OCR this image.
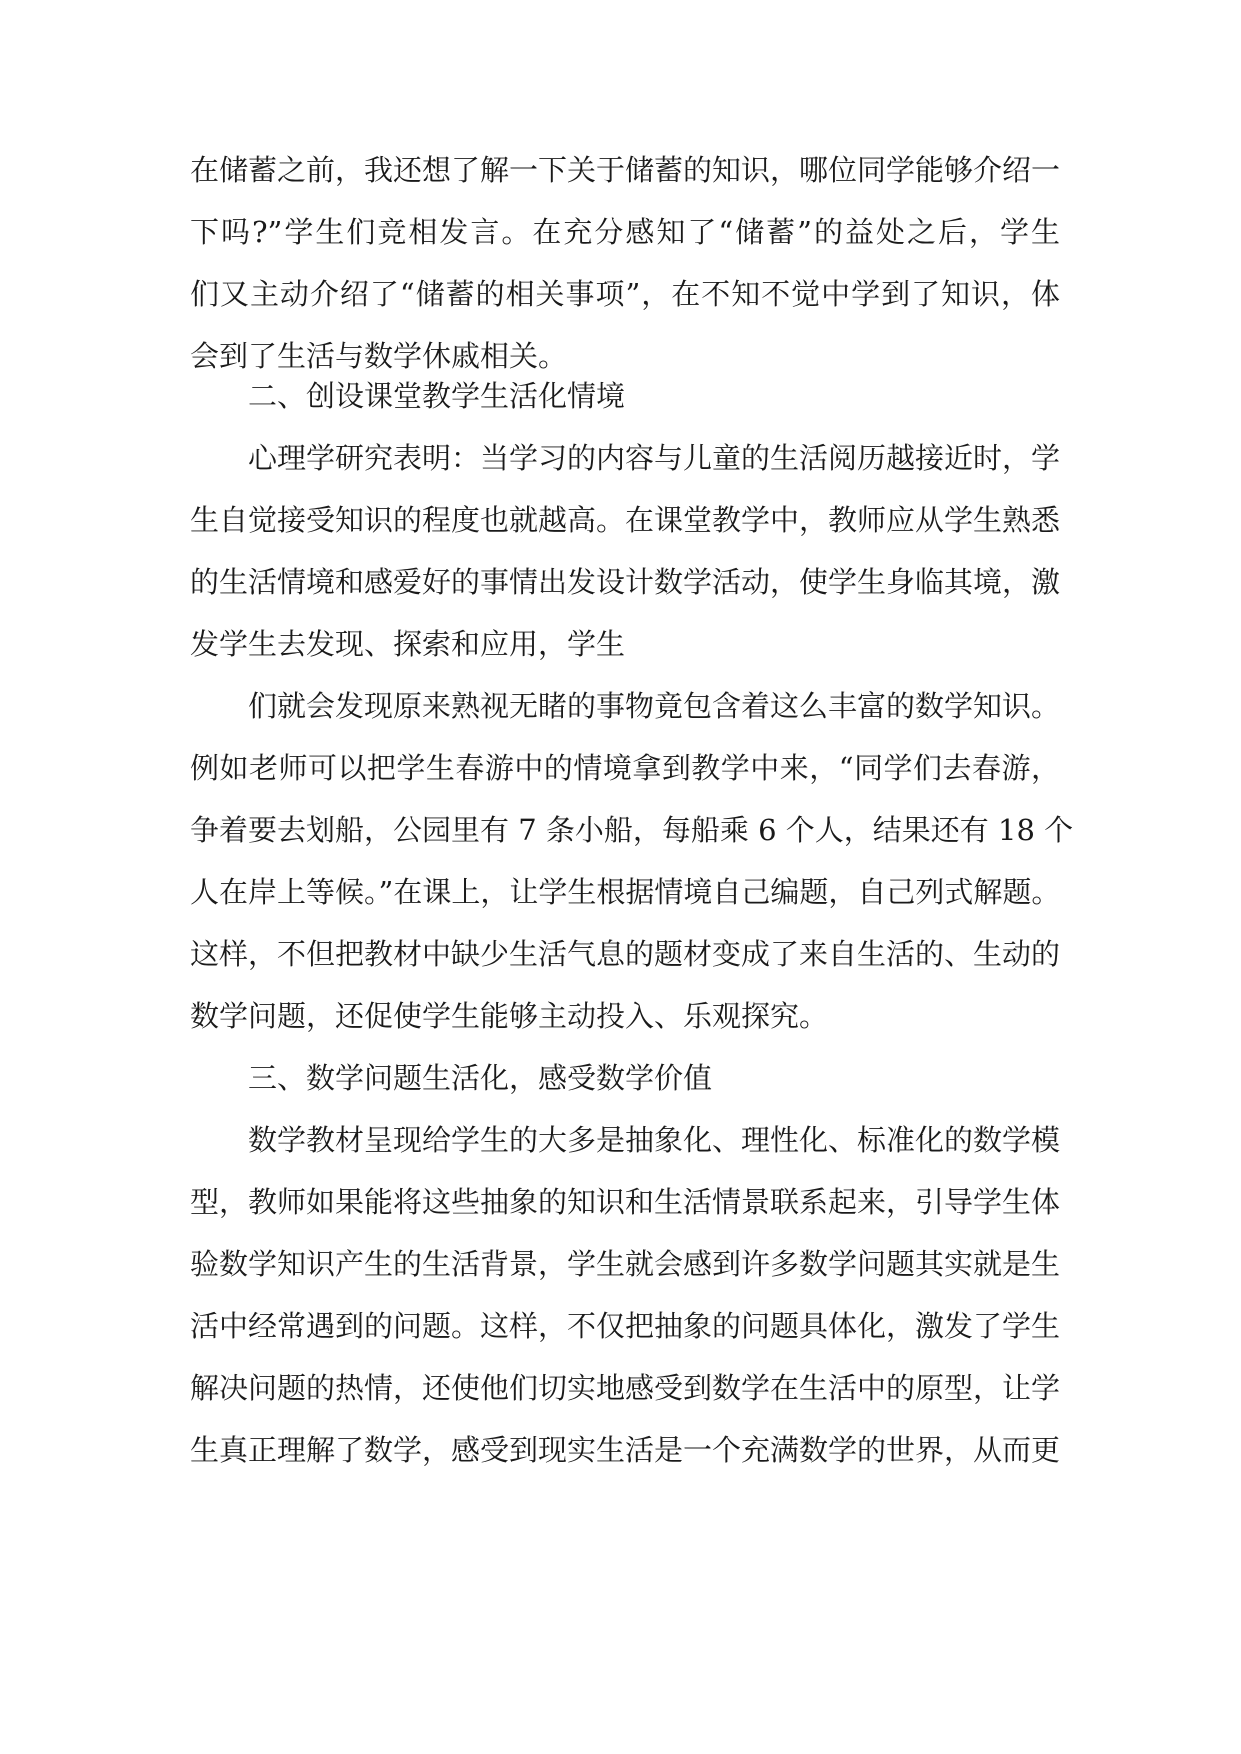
在储蓄之前，我还想了解一下关于储蓄的知识，哪位同学能够介绍一
下吗?”学生们竞相发言。在充分感知了“储蓄”的益处之后，学生
们又主动介绍了“储蓄的相关事项”，在不知不觉中学到了知识，体
会到了生活与数学休戚相关。
二、创设课堂教学生活化情境
心理学研究表明：当学习的内容与儿童的生活阅历越接近时，学
生自觉接受知识的程度也就越高。在课堂教学中，教师应从学生熟悉
的生活情境和感爱好的事情出发设计数学活动，使学生身临其境，激
发学生去发现、探索和应用，学生
们就会发现原来熟视无睹的事物竟包含着这么丰富的数学知识。
例如老师可以把学生春游中的情境拿到教学中来，“同学们去春游，
争着要去划船，公园里有 7 条小船，每船乘 6 个人，结果还有 18 个
人在岸上等候。”在课上，让学生根据情境自己编题，自己列式解题。
这样，不但把教材中缺少生活气息的题材变成了来自生活的、生动的
数学问题，还促使学生能够主动投入、乐观探究。
三、数学问题生活化，感受数学价值
数学教材呈现给学生的大多是抽象化、理性化、标准化的数学模
型，教师如果能将这些抽象的知识和生活情景联系起来，引导学生体
验数学知识产生的生活背景，学生就会感到许多数学问题其实就是生
活中经常遇到的问题。这样，不仅把抽象的问题具体化，激发了学生
解决问题的热情，还使他们切实地感受到数学在生活中的原型，让学
生真正理解了数学，感受到现实生活是一个充满数学的世界，从而更
